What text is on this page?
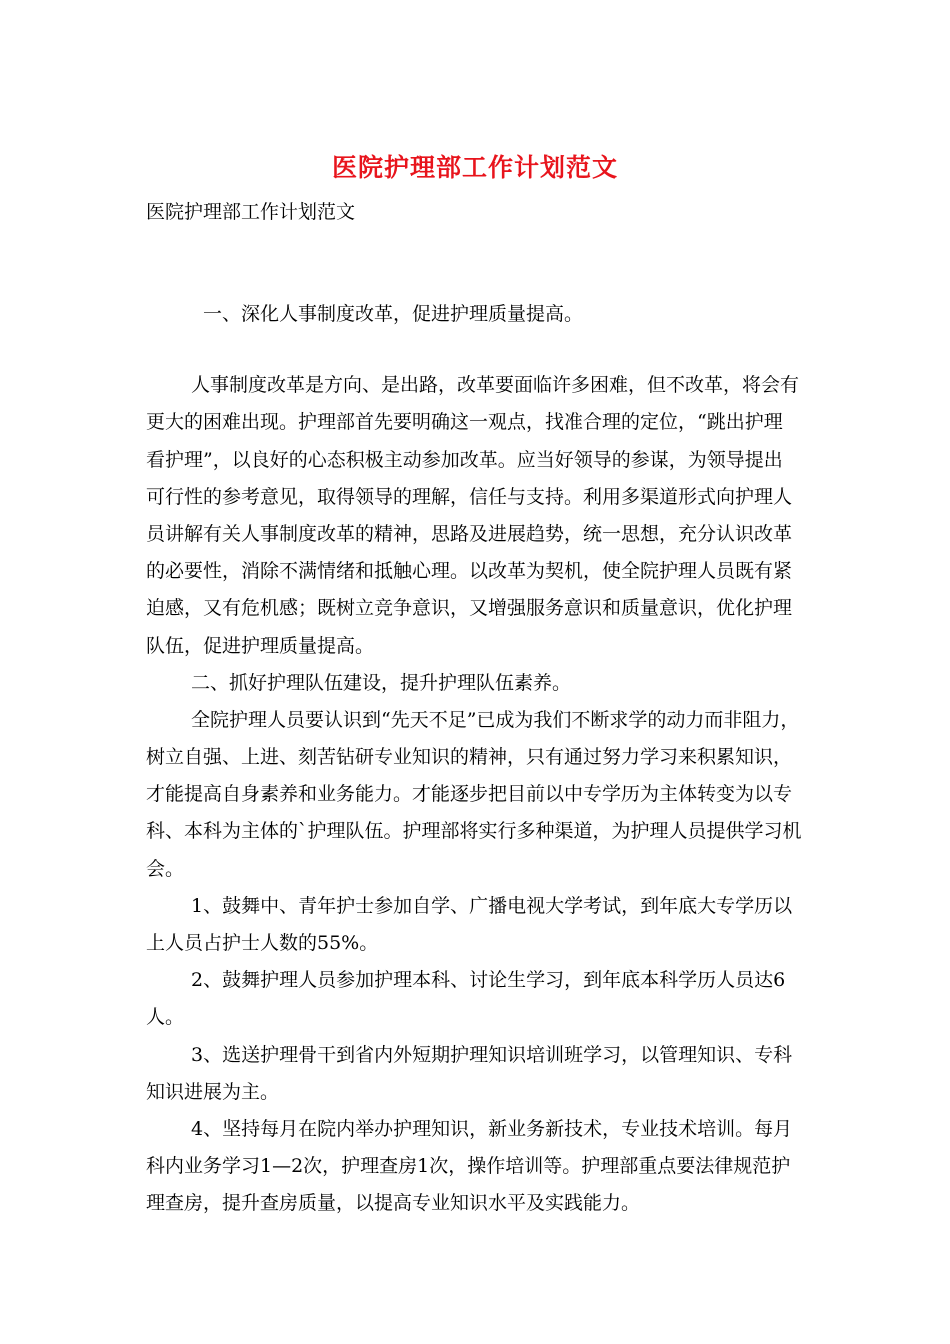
医院护理部工作计划范文

医院护理部工作计划范文

一、深化人事制度改革，促进护理质量提高。

人事制度改革是方向、是出路，改革要面临许多困难，但不改革，将会有

更大的困难出现。护理部首先要明确这一观点，找准合理的定位，“跳出护理

看护理”，以良好的心态积极主动参加改革。应当好领导的参谋，为领导提出

可行性的参考意见，取得领导的理解，信任与支持。利用多渠道形式向护理人

员讲解有关人事制度改革的精神，思路及进展趋势，统一思想，充分认识改革

的必要性，消除不满情绪和抵触心理。以改革为契机，使全院护理人员既有紧

迫感，又有危机感；既树立竞争意识，又增强服务意识和质量意识，优化护理

队伍，促进护理质量提高。

二、抓好护理队伍建设，提升护理队伍素养。

全院护理人员要认识到“先天不足”已成为我们不断求学的动力而非阻力，

树立自强、上进、刻苦钻研专业知识的精神，只有通过努力学习来积累知识，

才能提高自身素养和业务能力。才能逐步把目前以中专学历为主体转变为以专

科、本科为主体的`护理队伍。护理部将实行多种渠道，为护理人员提供学习机

会。

1、鼓舞中、青年护士参加自学、广播电视大学考试，到年底大专学历以

上人员占护士人数的55%。

2、鼓舞护理人员参加护理本科、讨论生学习，到年底本科学历人员达6

人。

3、选送护理骨干到省内外短期护理知识培训班学习，以管理知识、专科

知识进展为主。

4、坚持每月在院内举办护理知识，新业务新技术，专业技术培训。每月

科内业务学习1—2次，护理查房1次，操作培训等。护理部重点要法律规范护

理查房，提升查房质量，以提高专业知识水平及实践能力。
